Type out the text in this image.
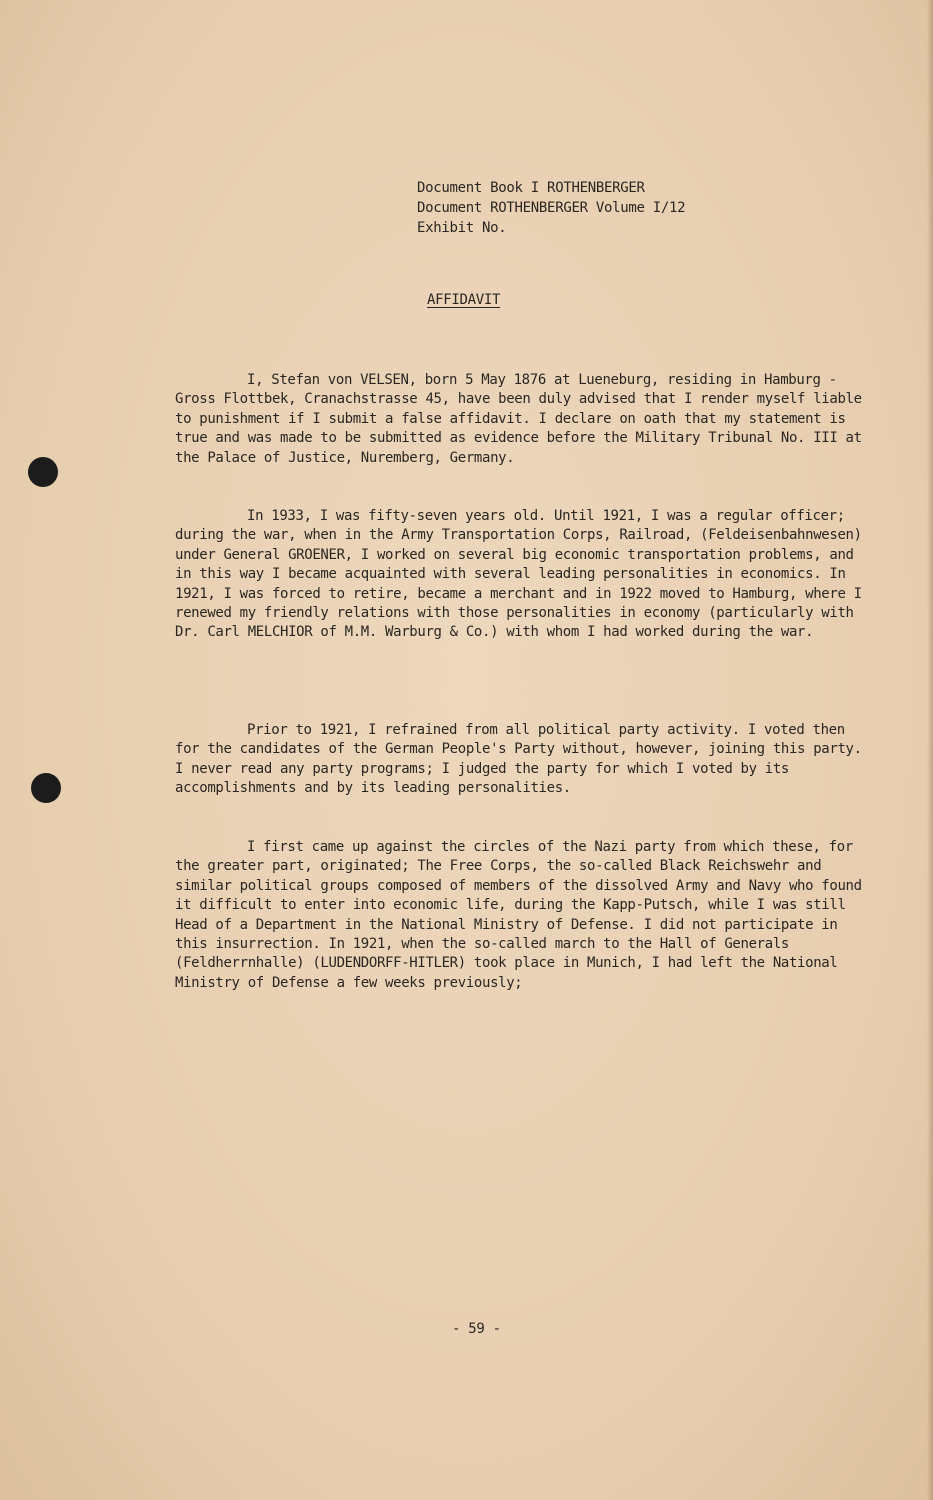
Document Book I ROTHENBERGER
Document ROTHENBERGER Volume I/12
Exhibit No.
AFFIDAVIT
I, Stefan von VELSEN, born 5 May 1876 at Lueneburg, residing in Hamburg - Gross Flottbek, Cranachstrasse 45, have been duly advised that I render myself liable to punishment if I submit a false affidavit. I declare on oath that my statement is true and was made to be submitted as evidence before the Military Tribunal No. III at the Palace of Justice, Nuremberg, Germany.
In 1933, I was fifty-seven years old. Until 1921, I was a regular officer; during the war, when in the Army Transportation Corps, Railroad, (Feldeisenbahnwesen) under General GROENER, I worked on several big economic transportation problems, and in this way I became acquainted with several leading personalities in economics. In 1921, I was forced to retire, became a merchant and in 1922 moved to Hamburg, where I renewed my friendly relations with those personalities in economy (particularly with Dr. Carl MELCHIOR of M.M. Warburg & Co.) with whom I had worked during the war.
Prior to 1921, I refrained from all political party activity. I voted then for the candidates of the German People's Party without, however, joining this party. I never read any party programs; I judged the party for which I voted by its accomplishments and by its leading personalities.
I first came up against the circles of the Nazi party from which these, for the greater part, originated; The Free Corps, the so-called Black Reichswehr and similar political groups composed of members of the dissolved Army and Navy who found it difficult to enter into economic life, during the Kapp-Putsch, while I was still Head of a Department in the National Ministry of Defense. I did not participate in this insurrection. In 1921, when the so-called march to the Hall of Generals (Feldherrnhalle) (LUDENDORFF-HITLER) took place in Munich, I had left the National Ministry of Defense a few weeks previously;
- 59 -
